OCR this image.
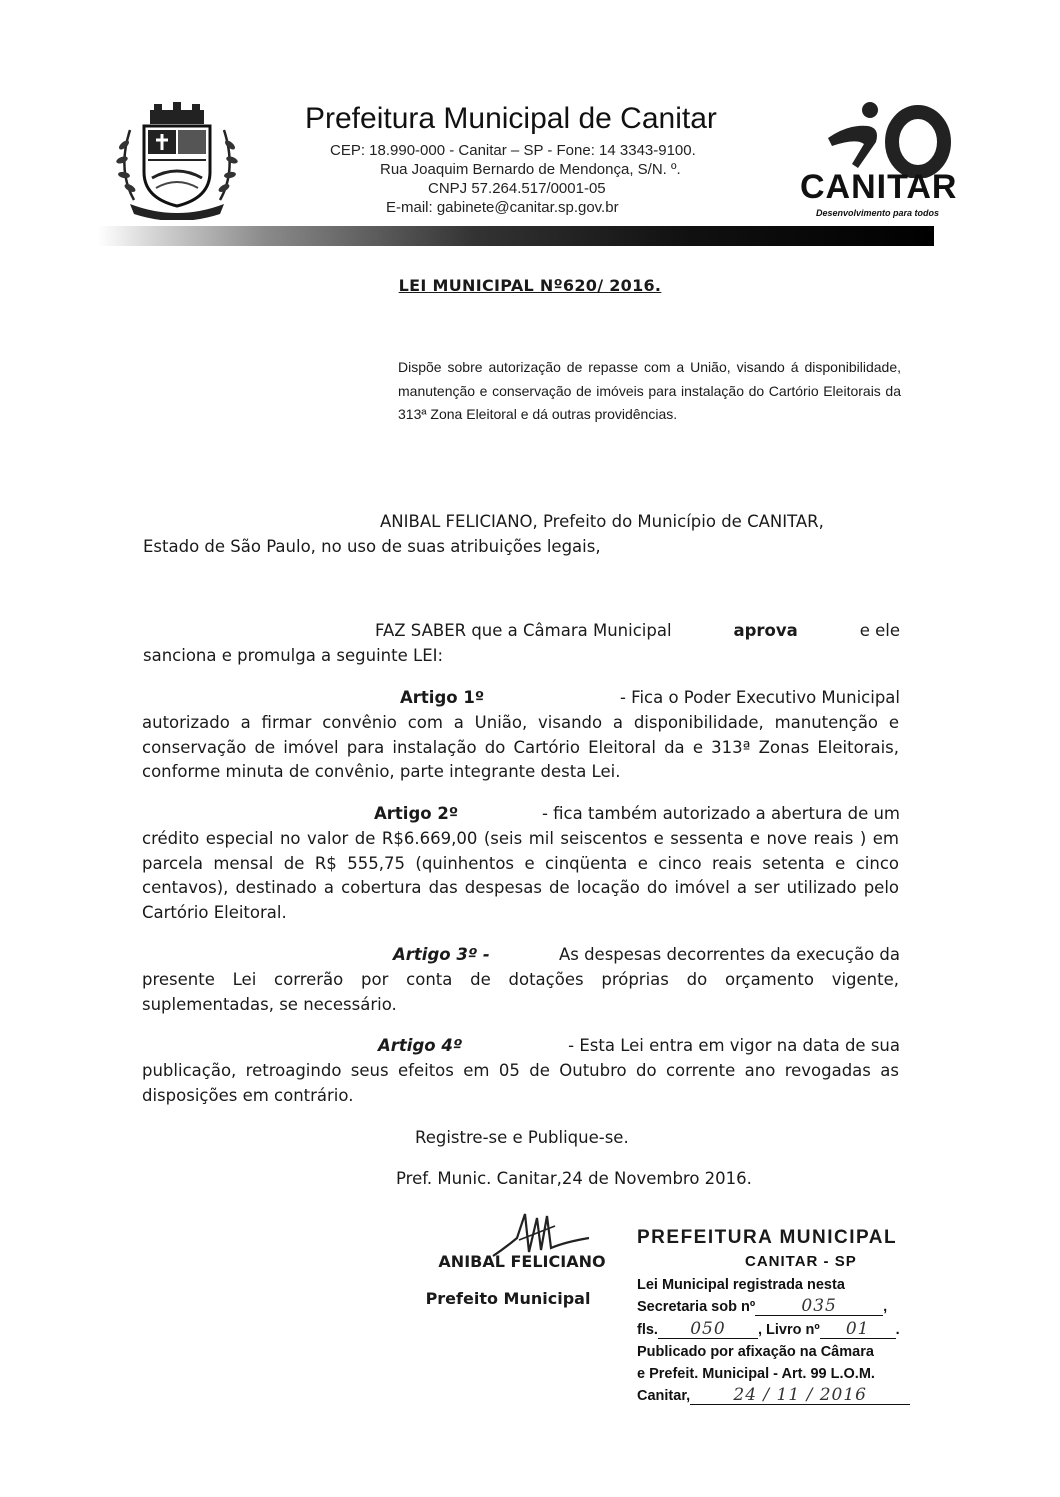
Prefeitura Municipal de Canitar
CEP: 18.990-000 - Canitar – SP - Fone: 14 3343-9100.
Rua Joaquim Bernardo de Mendonça, S/N. º.
CNPJ 57.264.517/0001-05
E-mail: gabinete@canitar.sp.gov.br
CANITAR
Desenvolvimento para todos
LEI MUNICIPAL Nº620/ 2016.
Dispõe sobre autorização de repasse com a União, visando á disponibilidade, manutenção e conservação de imóveis para instalação do Cartório Eleitorais da 313ª Zona Eleitoral e dá outras providências.
ANIBAL FELICIANO, Prefeito do Município de CANITAR,
Estado de São Paulo, no uso de suas atribuições legais,
FAZ SABER que a Câmara Municipal	aprova	e ele
sanciona e promulga a seguinte LEI:
Artigo 1º	- Fica o Poder Executivo Municipal
autorizado a firmar convênio com a União, visando a disponibilidade, manutenção e conservação de imóvel para instalação do Cartório Eleitoral da e 313ª Zonas Eleitorais, conforme minuta de convênio, parte integrante desta Lei.
Artigo 2º	- fica também autorizado a abertura de um
crédito especial no valor de R$6.669,00 (seis mil seiscentos e sessenta e nove reais ) em parcela mensal de R$ 555,75 (quinhentos e cinqüenta e cinco reais setenta e cinco centavos), destinado a cobertura das despesas de locação do imóvel a ser utilizado pelo Cartório Eleitoral.
Artigo 3º -	As despesas decorrentes da execução da
presente Lei correrão por conta de dotações próprias do orçamento vigente, suplementadas, se necessário.
Artigo 4º	- Esta Lei entra em vigor na data de sua
publicação, retroagindo seus efeitos em 05 de Outubro do corrente ano revogadas as disposições em contrário.
Registre-se e Publique-se.
Pref. Munic. Canitar,24 de Novembro 2016.
ANIBAL FELICIANO
Prefeito Municipal
PREFEITURA MUNICIPAL
CANITAR - SP
Lei Municipal registrada nesta
Secretaria sob nº	035	,
fls. 050 , Livro nº 01 .
Publicado por afixação na Câmara
e Prefeit. Municipal - Art. 99 L.O.M.
Canitar,	24 / 11 / 2016
